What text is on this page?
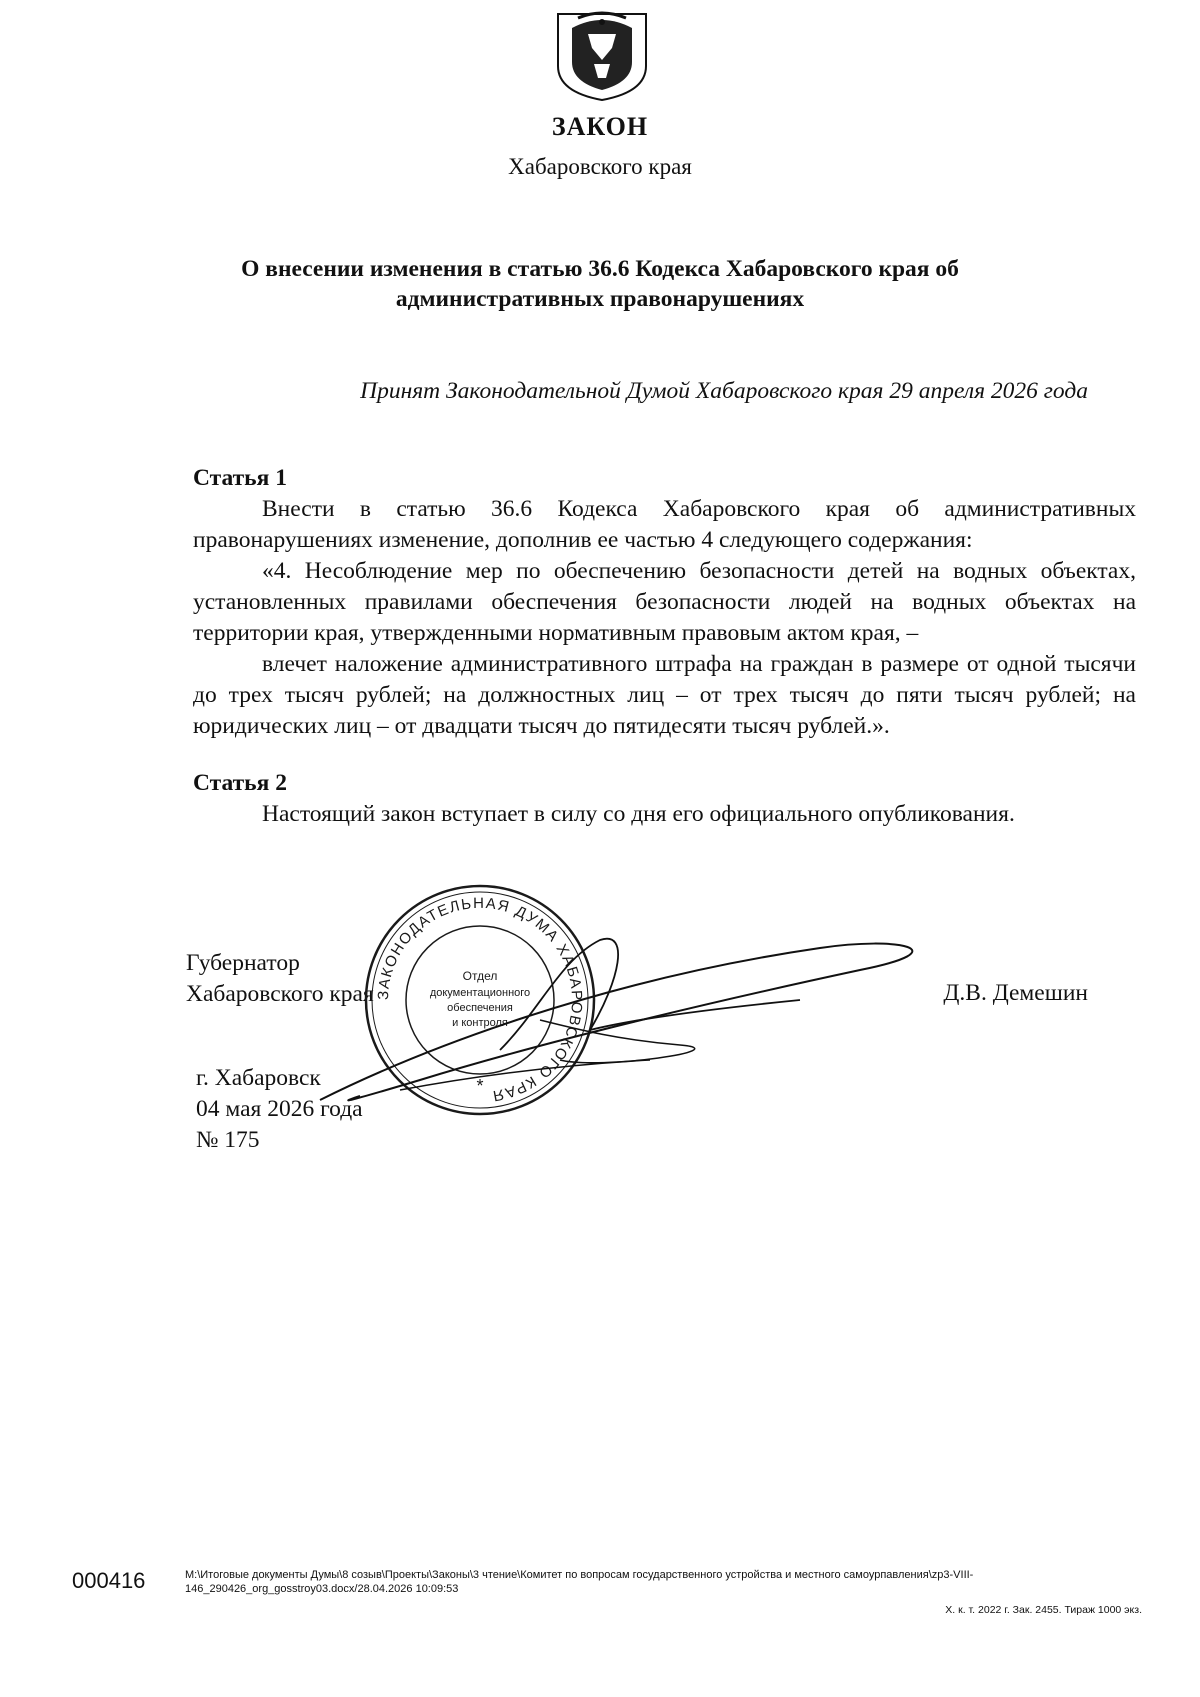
ЗАКОН
Хабаровского края
О внесении изменения в статью 36.6 Кодекса Хабаровского края об административных правонарушениях
Принят Законодательной Думой Хабаровского края 29 апреля 2026 года

Статья 1

Внести в статью 36.6 Кодекса Хабаровского края об административных правонарушениях изменение, дополнив ее частью 4 следующего содержания:

«4. Несоблюдение мер по обеспечению безопасности детей на водных объектах, установленных правилами обеспечения безопасности людей на водных объектах на территории края, утвержденными нормативным правовым актом края, –

влечет наложение административного штрафа на граждан в размере от одной тысячи до трех тысяч рублей; на должностных лиц – от трех тысяч до пяти тысяч рублей; на юридических лиц – от двадцати тысяч до пятидесяти тысяч рублей.».

Статья 2

Настоящий закон вступает в силу со дня его официального опубликования.

Губернатор
Хабаровского края	Д.В. Демешин
г. Хабаровск
04 мая 2026 года
№ 175
ЗАКОНОДАТЕЛЬНАЯ ДУМА ХАБАРОВСКОГО КРАЯ
Отдел
документационного
обеспечения
и контроля
*
000416	M:\Итоговые документы Думы\8 созыв\Проекты\Законы\3 чтение\Комитет по вопросам государственного устройства и местного самоурпавления\zp3-VIII-146_290426_org_gosstroy03.docx/28.04.2026 10:09:53
Х. к. т. 2022 г. Зак. 2455. Тираж 1000 экз.
